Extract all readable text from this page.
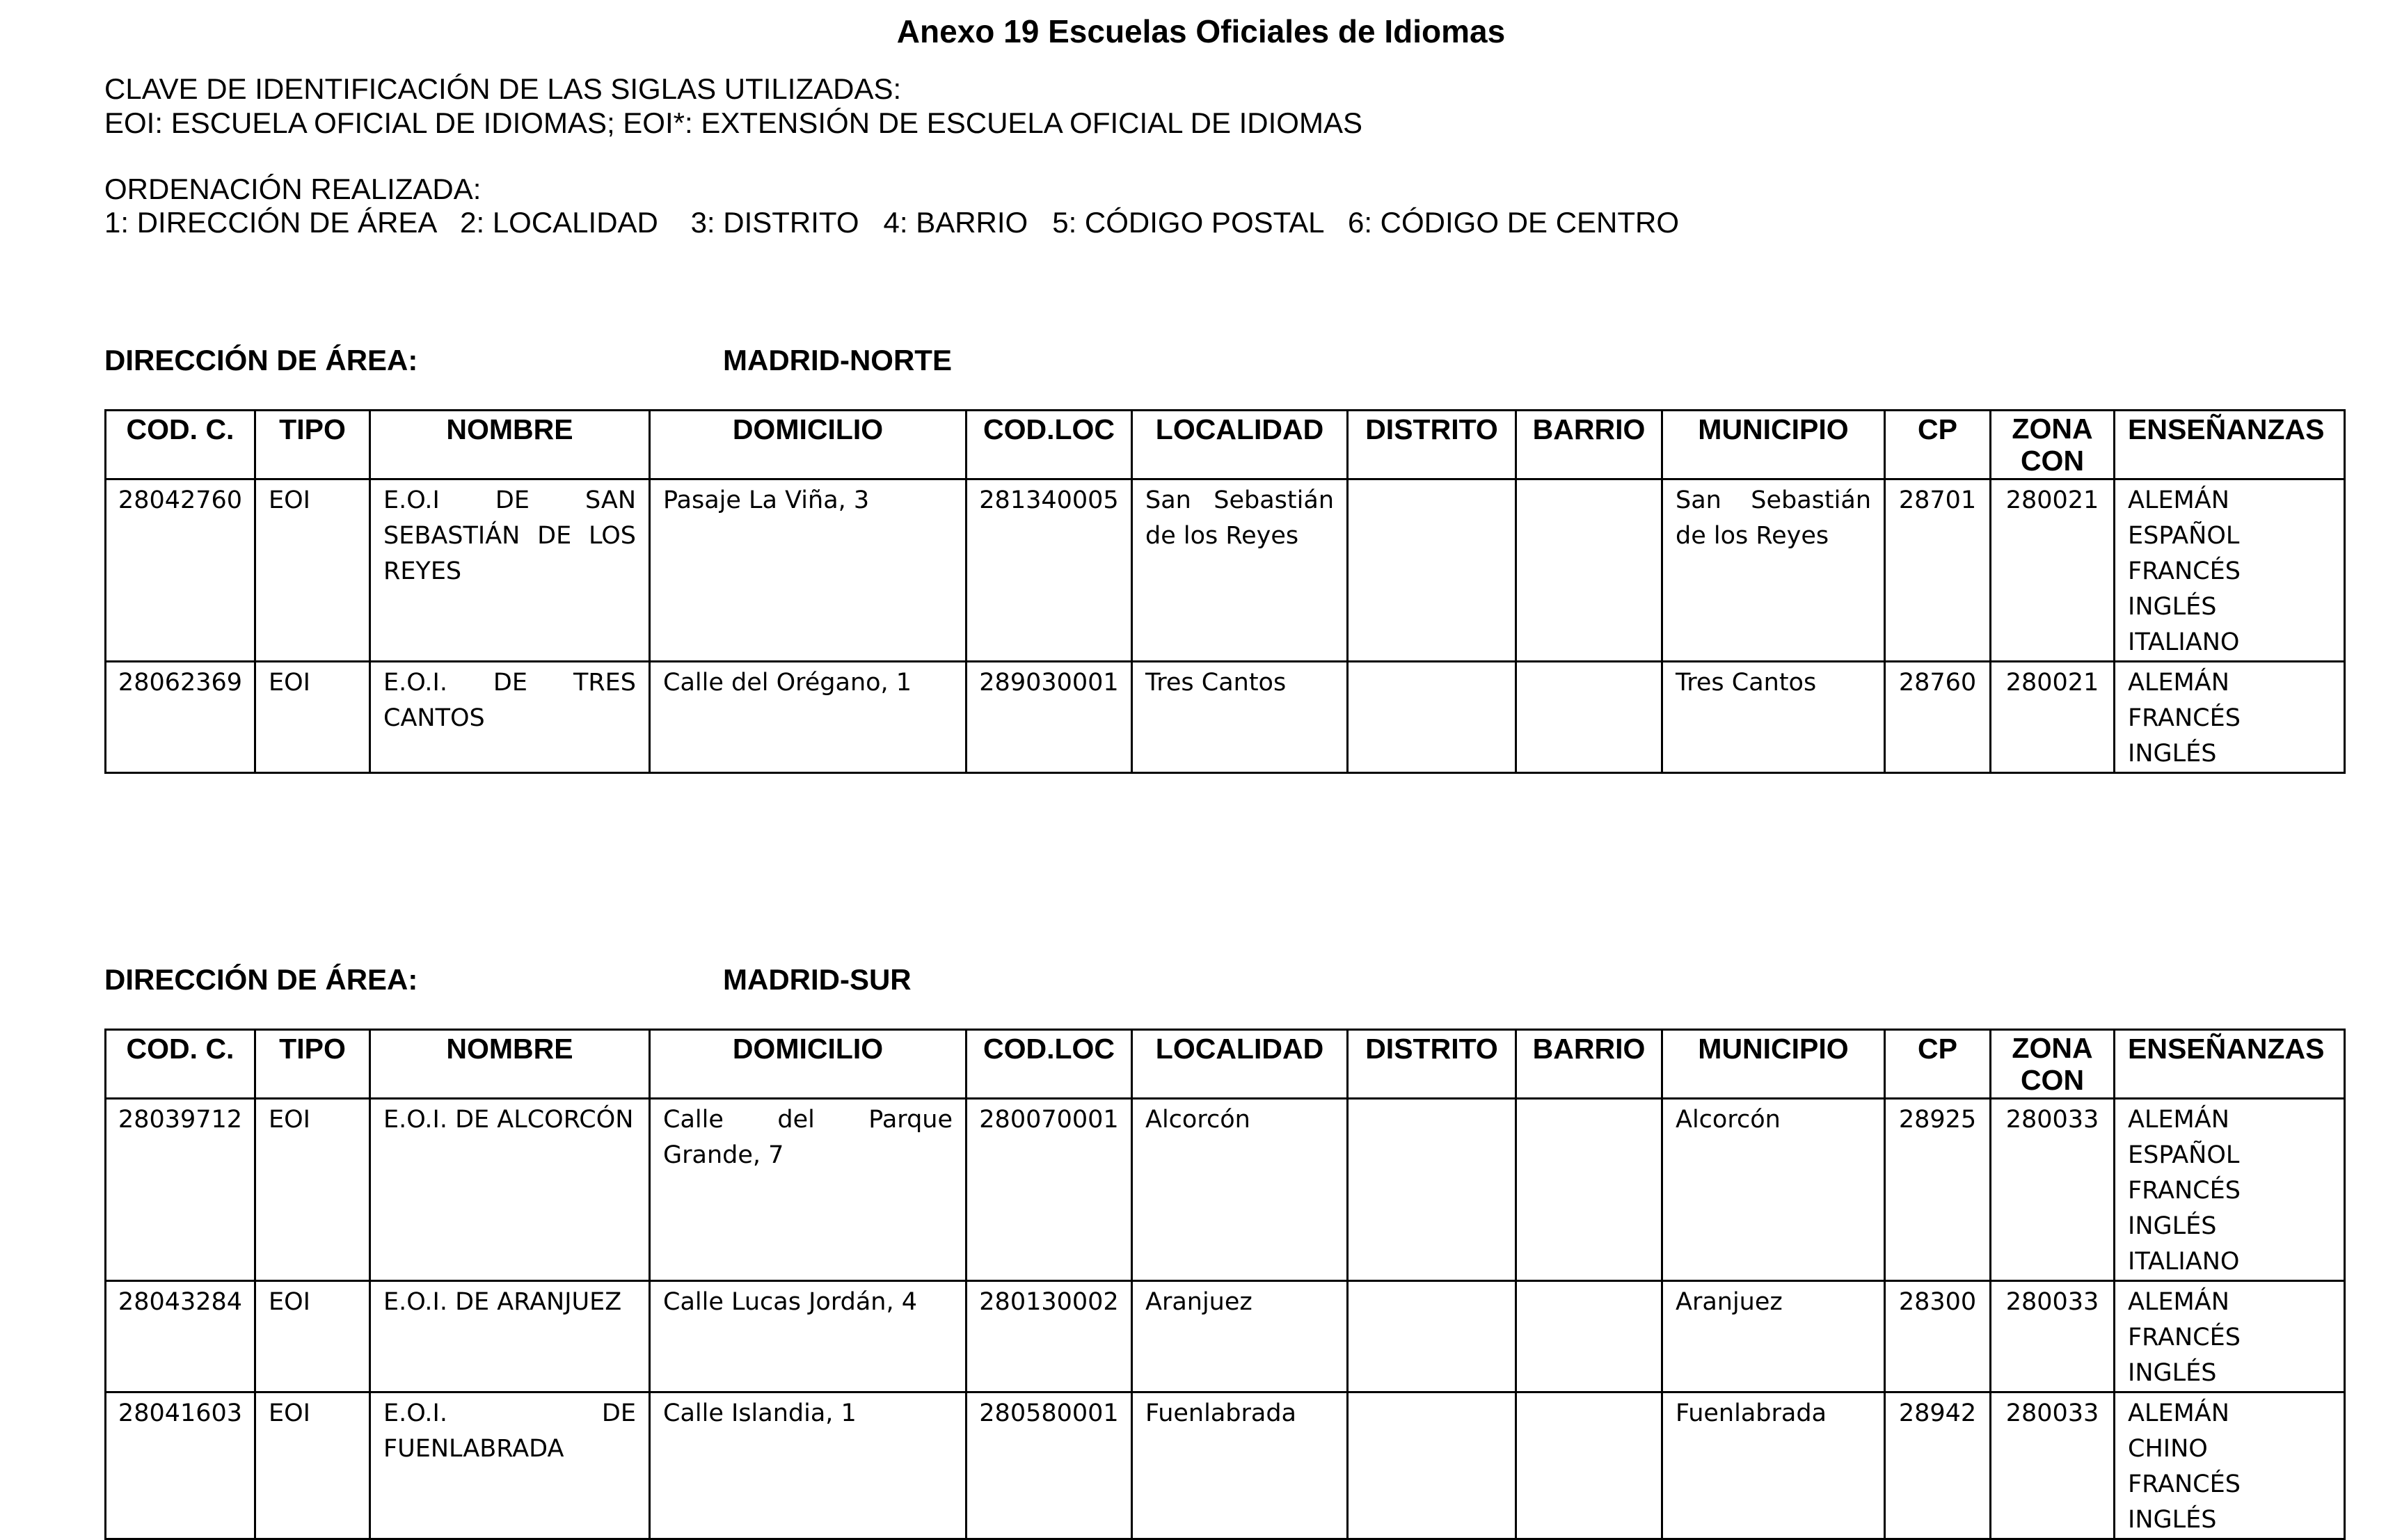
Anexo 19 Escuelas Oficiales de Idiomas
CLAVE DE IDENTIFICACIÓN DE LAS SIGLAS UTILIZADAS:
EOI: ESCUELA OFICIAL DE IDIOMAS; EOI*: EXTENSIÓN DE ESCUELA OFICIAL DE IDIOMAS
ORDENACIÓN REALIZADA:
1: DIRECCIÓN DE ÁREA   2: LOCALIDAD    3: DISTRITO   4: BARRIO   5: CÓDIGO POSTAL   6: CÓDIGO DE CENTRO
DIRECCIÓN DE ÁREA:	MADRID-NORTE
COD. C.	TIPO	NOMBRE	DOMICILIO	COD.LOC	LOCALIDAD	DISTRITO	BARRIO	MUNICIPIO	CP	ZONA CON	ENSEÑANZAS
28042760	EOI	E.O.I DE SAN SEBASTIÁN DE LOS REYES	Pasaje La Viña, 3	281340005	San Sebastián de los Reyes			San Sebastián de los Reyes	28701	280021	ALEMÁN
ESPAÑOL
FRANCÉS
INGLÉS
ITALIANO

28062369	EOI	E.O.I. DE TRES CANTOS	Calle del Orégano, 1	289030001	Tres Cantos			Tres Cantos	28760	280021	ALEMÁN
FRANCÉS
INGLÉS
DIRECCIÓN DE ÁREA:	MADRID-SUR
COD. C.	TIPO	NOMBRE	DOMICILIO	COD.LOC	LOCALIDAD	DISTRITO	BARRIO	MUNICIPIO	CP	ZONA CON	ENSEÑANZAS
28039712	EOI	E.O.I. DE ALCORCÓN	Calle del Parque Grande, 7	280070001	Alcorcón			Alcorcón	28925	280033	ALEMÁN
ESPAÑOL
FRANCÉS
INGLÉS
ITALIANO

28043284	EOI	E.O.I. DE ARANJUEZ	Calle Lucas Jordán, 4	280130002	Aranjuez			Aranjuez	28300	280033	ALEMÁN
FRANCÉS
INGLÉS

28041603	EOI	E.O.I. DE FUENLABRADA	Calle Islandia, 1	280580001	Fuenlabrada			Fuenlabrada	28942	280033	ALEMÁN
CHINO
FRANCÉS
INGLÉS
